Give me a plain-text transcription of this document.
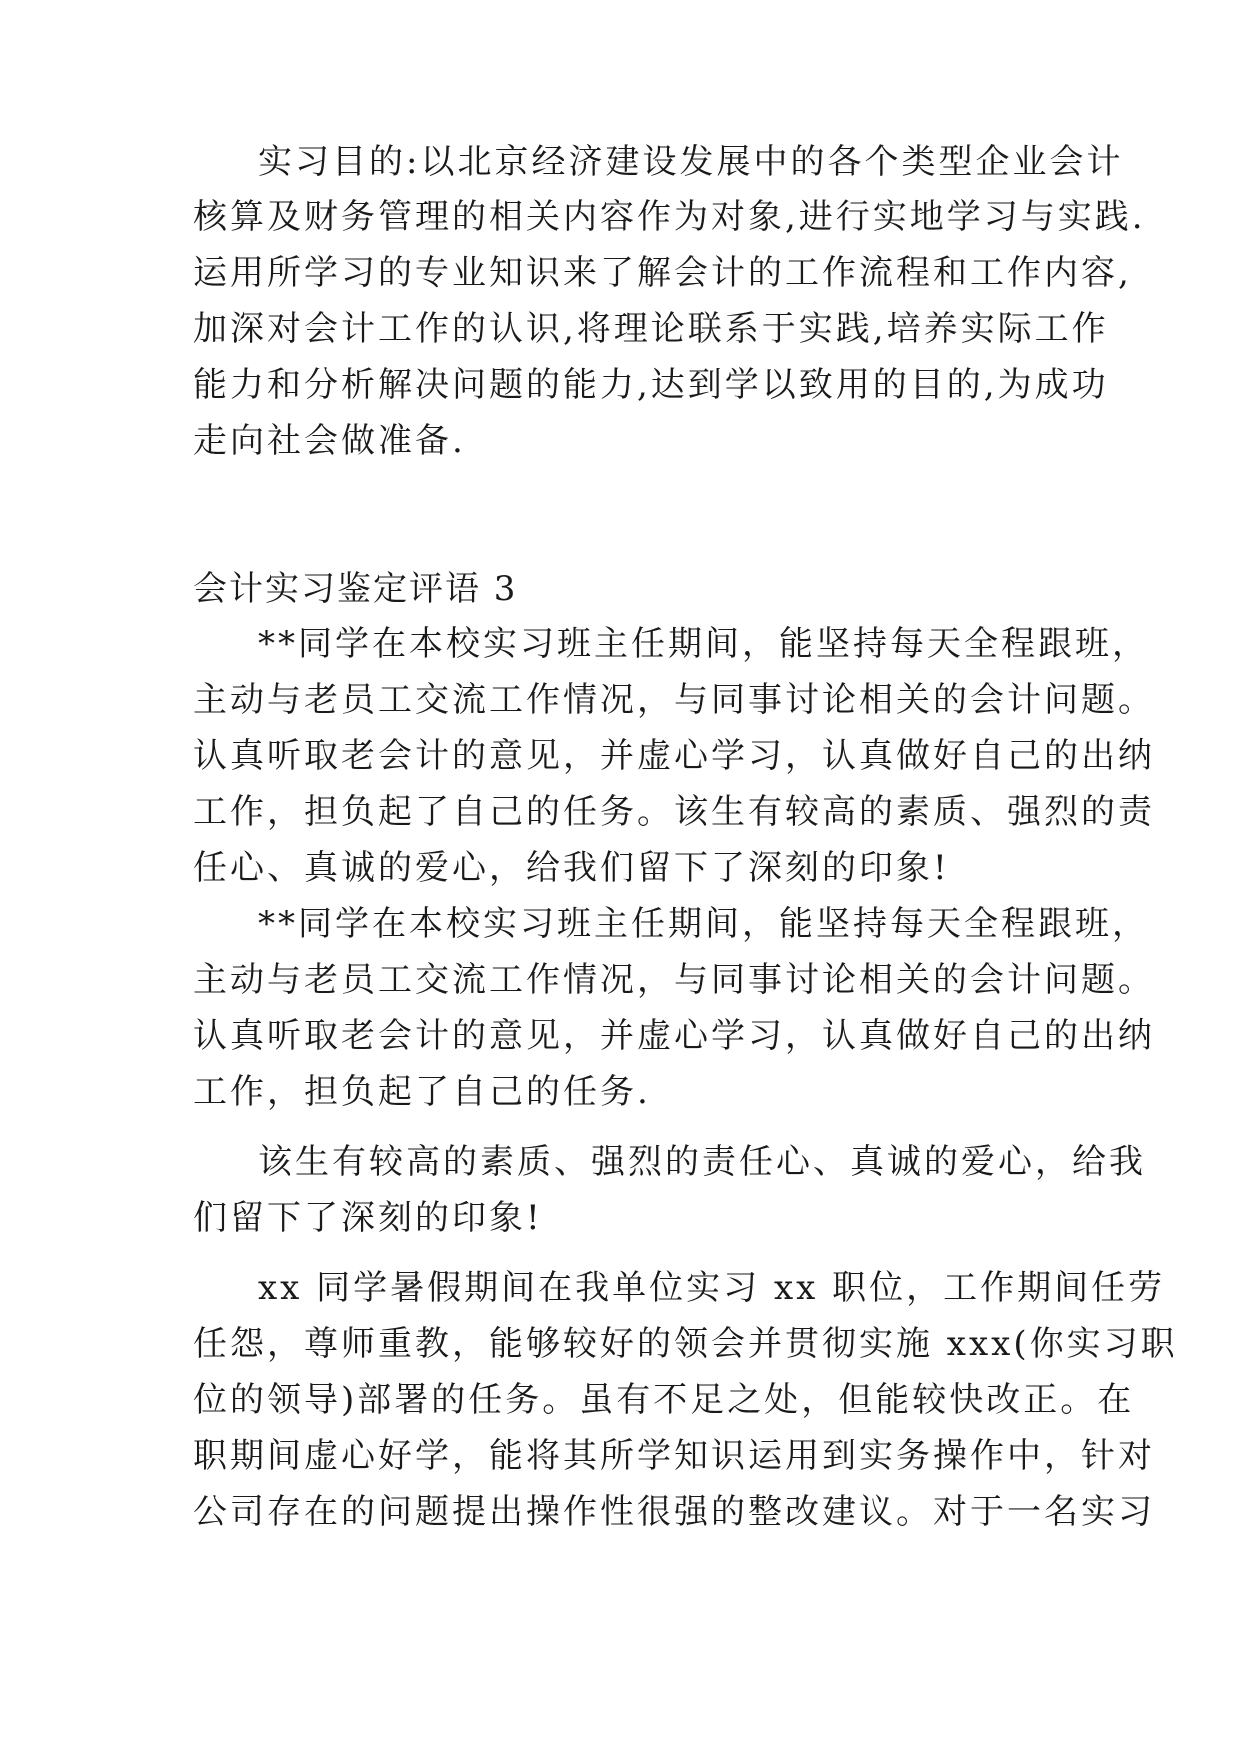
实习目的:以北京经济建设发展中的各个类型企业会计
核算及财务管理的相关内容作为对象,进行实地学习与实践.
运用所学习的专业知识来了解会计的工作流程和工作内容,
加深对会计工作的认识,将理论联系于实践,培养实际工作
能力和分析解决问题的能力,达到学以致用的目的,为成功
走向社会做准备.
会计实习鉴定评语 3
**同学在本校实习班主任期间，能坚持每天全程跟班，
主动与老员工交流工作情况，与同事讨论相关的会计问题。
认真听取老会计的意见，并虚心学习，认真做好自己的出纳
工作，担负起了自己的任务。该生有较高的素质、强烈的责
任心、真诚的爱心，给我们留下了深刻的印象!
**同学在本校实习班主任期间，能坚持每天全程跟班，
主动与老员工交流工作情况，与同事讨论相关的会计问题。
认真听取老会计的意见，并虚心学习，认真做好自己的出纳
工作，担负起了自己的任务.
该生有较高的素质、强烈的责任心、真诚的爱心，给我
们留下了深刻的印象!
xx 同学暑假期间在我单位实习 xx 职位，工作期间任劳
任怨，尊师重教，能够较好的领会并贯彻实施 xxx(你实习职
位的领导)部署的任务。虽有不足之处，但能较快改正。在
职期间虚心好学，能将其所学知识运用到实务操作中，针对
公司存在的问题提出操作性很强的整改建议。对于一名实习
